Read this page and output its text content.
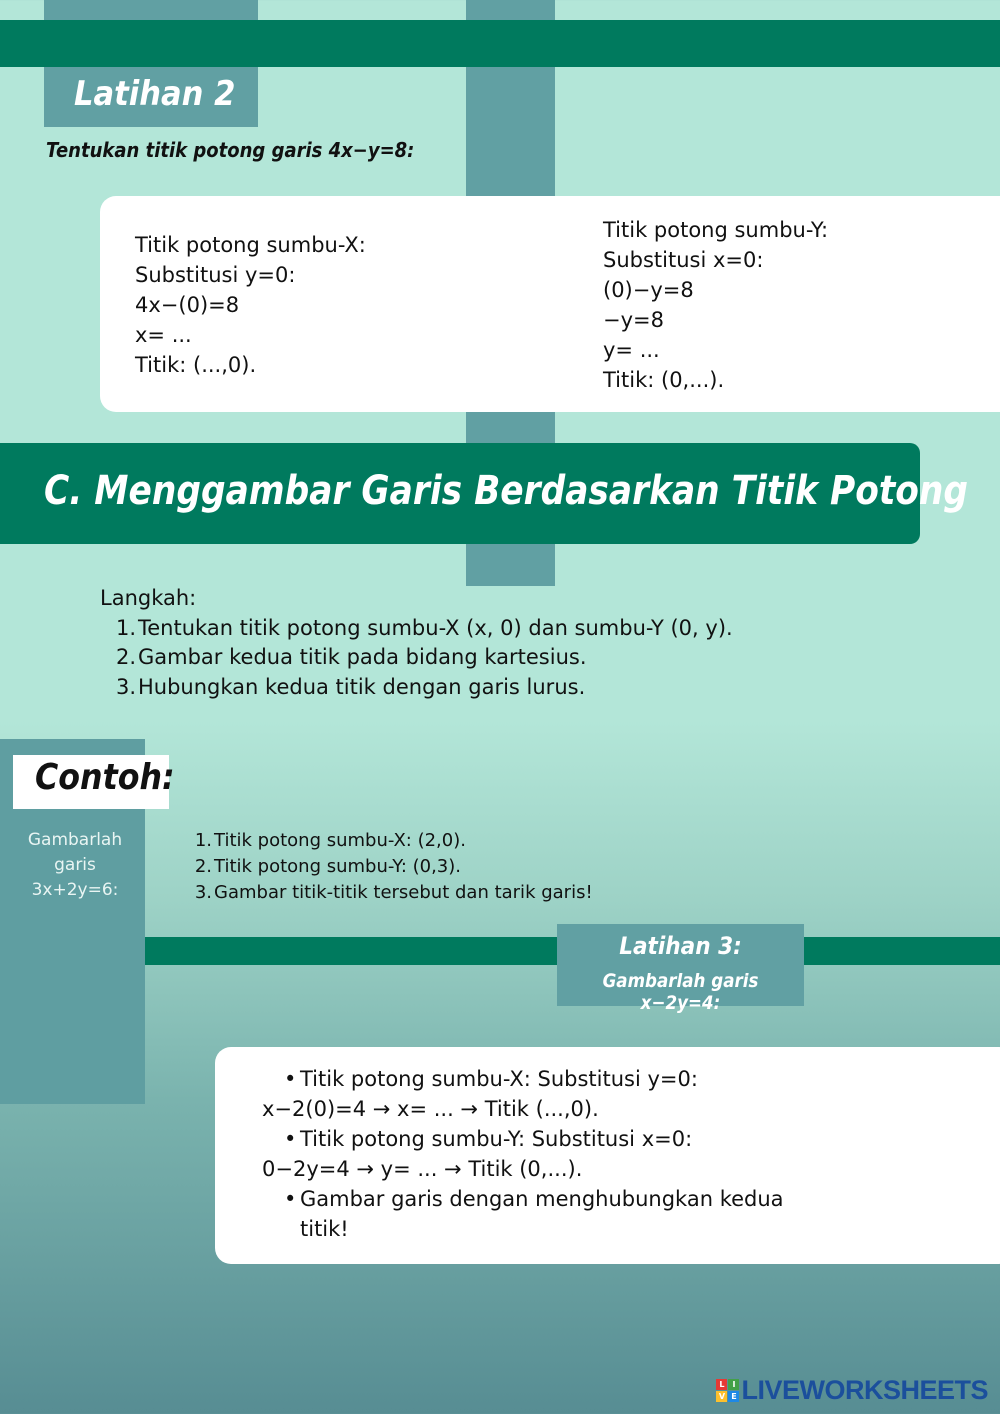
Latihan 2
Tentukan titik potong garis 4x−y=8:
Titik potong sumbu-X:
Substitusi y=0:
4x−(0)=8
x= ...
Titik: (...,0).
Titik potong sumbu-Y:
Substitusi x=0:
(0)−y=8
−y=8
y= ...
Titik: (0,...).
C. Menggambar Garis Berdasarkan Titik Potong
Langkah:
1. Tentukan titik potong sumbu-X (x, 0) dan sumbu-Y (0, y).
2. Gambar kedua titik pada bidang kartesius.
3. Hubungkan kedua titik dengan garis lurus.
Contoh:
Gambarlah
garis
3x+2y=6:
1. Titik potong sumbu-X: (2,0).
2. Titik potong sumbu-Y: (0,3).
3. Gambar titik-titik tersebut dan tarik garis!
Latihan 3:
Gambarlah garis x−2y=4:
• Titik potong sumbu-X: Substitusi y=0:
x−2(0)=4 → x= ... → Titik (...,0).
• Titik potong sumbu-Y: Substitusi x=0:
0−2y=4 → y= ... → Titik (0,...).
• Gambar garis dengan menghubungkan kedua
titik!
L I
V E LIVEWORKSHEETS
